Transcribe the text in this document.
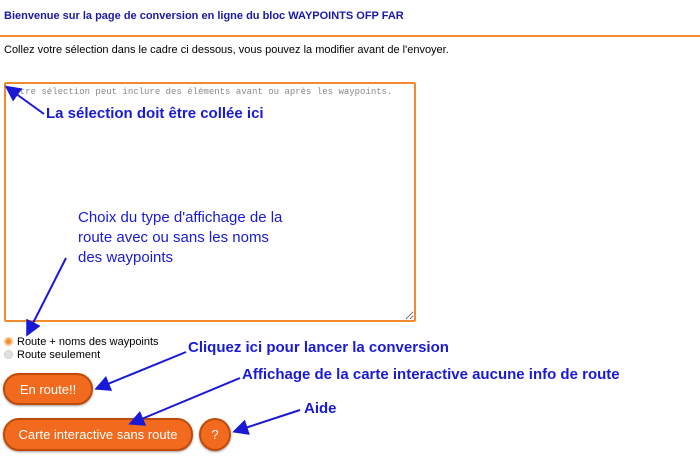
Bienvenue sur la page de conversion en ligne du bloc WAYPOINTS OFP FAR
Collez votre sélection dans le cadre ci dessous, vous pouvez la modifier avant de l'envoyer.
Votre sélection peut inclure des éléments avant ou après les waypoints.
Route + noms des waypoints
Route seulement
En route!!
Carte interactive sans route	?
La sélection doit être collée ici
Choix du type d'affichage de la
route avec ou sans les noms
des waypoints
Cliquez ici pour lancer la conversion
Affichage de la carte interactive aucune info de route
Aide
